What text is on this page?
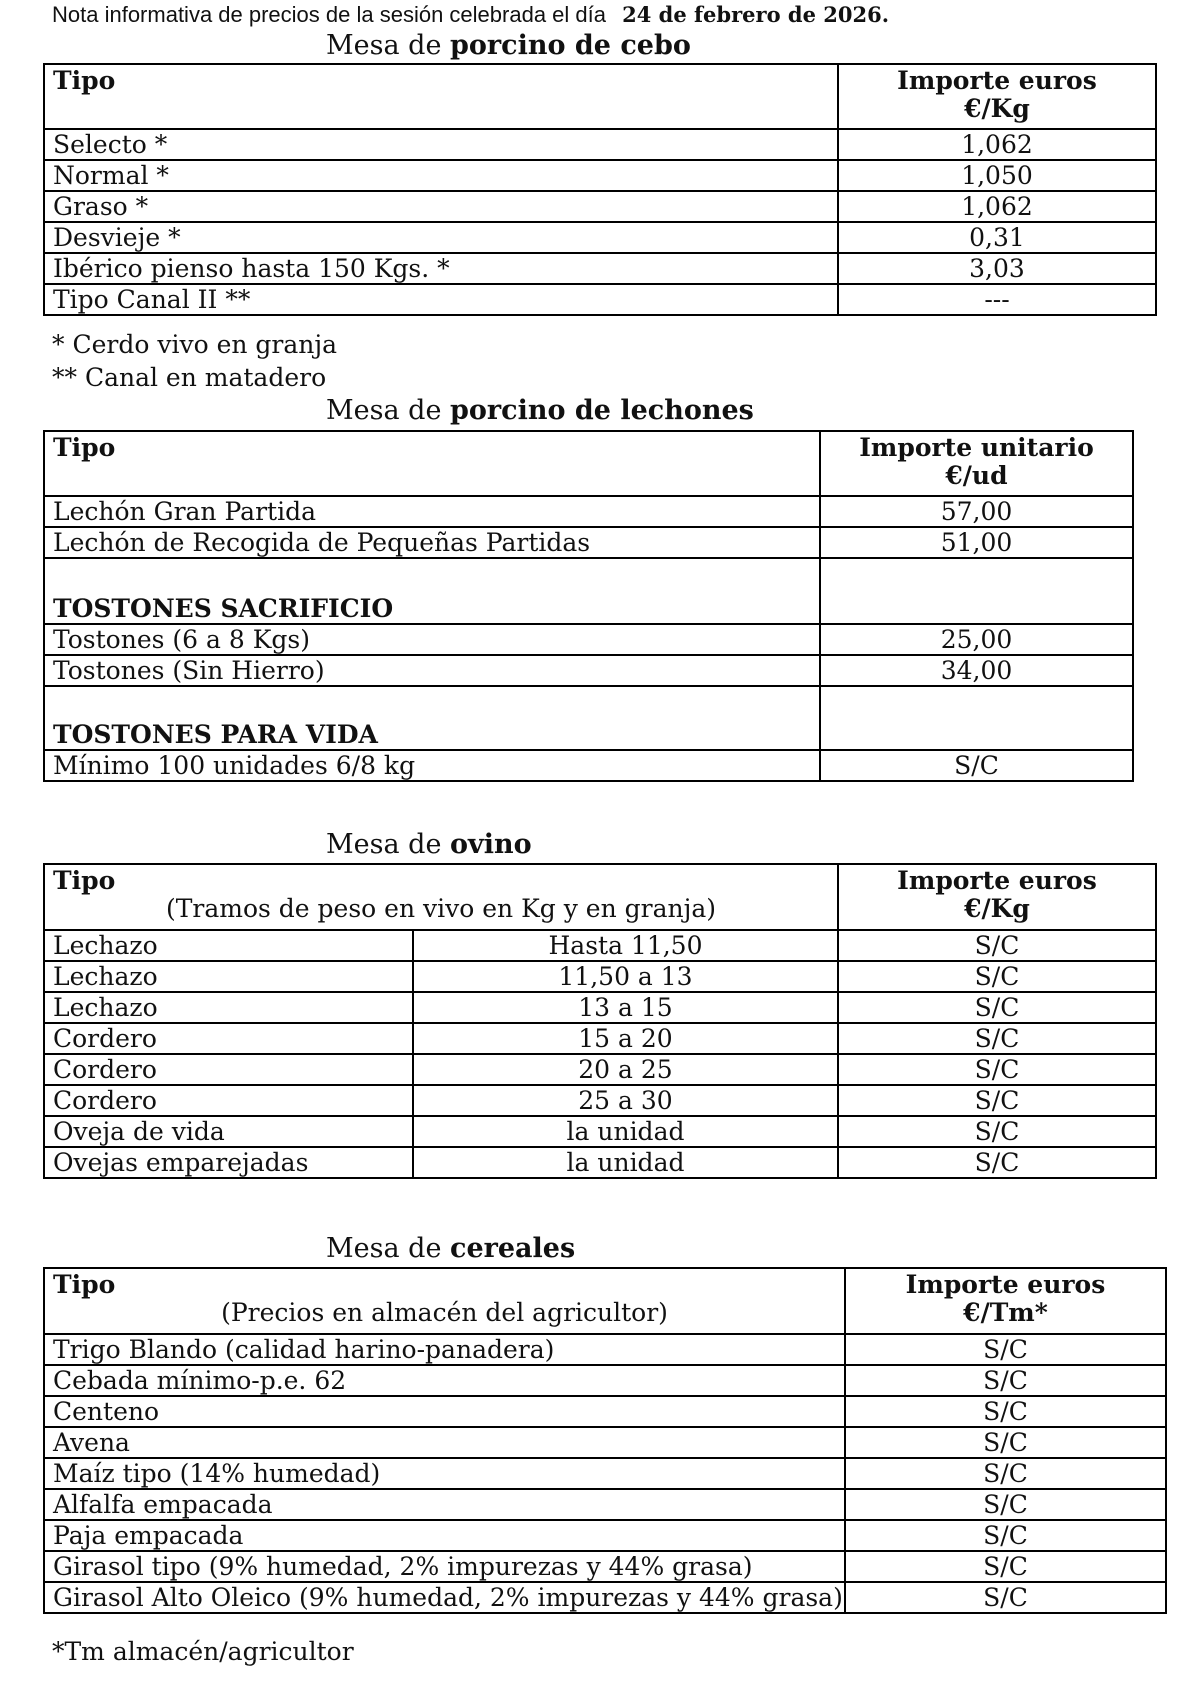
Nota informativa de precios de la sesión celebrada el día 24 de febrero de 2026.
Mesa de porcino de cebo
Tipo	Importe euros
€/Kg
Selecto *	1,062
Normal *	1,050
Graso *	1,062
Desvieje *	0,31
Ibérico pienso hasta 150 Kgs. *	3,03
Tipo Canal II **	---
* Cerdo vivo en granja
** Canal en matadero
Mesa de porcino de lechones
Tipo	Importe unitario
€/ud
Lechón Gran Partida	57,00
Lechón de Recogida de Pequeñas Partidas	51,00
TOSTONES SACRIFICIO	
Tostones (6 a 8 Kgs)	25,00
Tostones (Sin Hierro)	34,00
TOSTONES PARA VIDA	
Mínimo 100 unidades 6/8 kg	S/C
Mesa de ovino
Tipo
(Tramos de peso en vivo en Kg y en granja)		Importe euros
€/Kg
Lechazo	Hasta 11,50	S/C
Lechazo	11,50 a 13	S/C
Lechazo	13 a 15	S/C
Cordero	15 a 20	S/C
Cordero	20 a 25	S/C
Cordero	25 a 30	S/C
Oveja de vida	la unidad	S/C
Ovejas emparejadas	la unidad	S/C
Mesa de cereales
Tipo
(Precios en almacén del agricultor)	Importe euros
€/Tm*
Trigo Blando (calidad harino-panadera)	S/C
Cebada mínimo-p.e. 62	S/C
Centeno	S/C
Avena	S/C
Maíz tipo (14% humedad)	S/C
Alfalfa empacada	S/C
Paja empacada	S/C
Girasol tipo (9% humedad, 2% impurezas y 44% grasa)	S/C
Girasol Alto Oleico (9% humedad, 2% impurezas y 44% grasa)	S/C
*Tm almacén/agricultor
